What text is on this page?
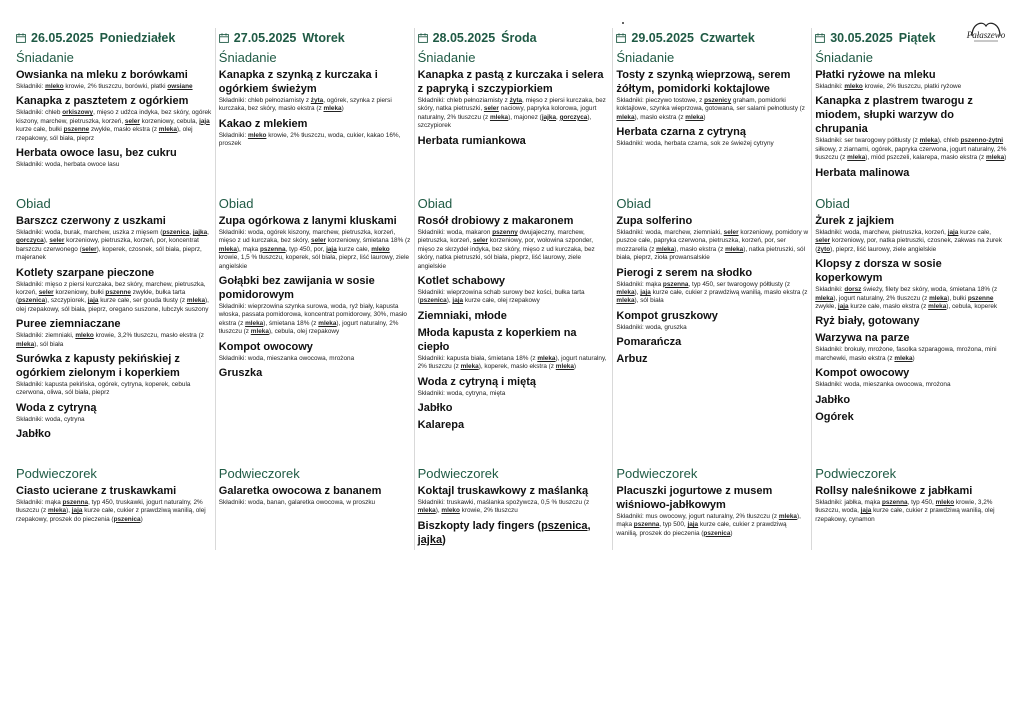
Pałaszewo
26.05.2025 Poniedziałek
Śniadanie
Owsianka na mleku z borówkami
Składniki: mleko krowie, 2% tłuszczu, borówki, płatki owsiane
Kanapka z pasztetem z ogórkiem
Składniki: chleb orkiszowy, mięso z udźca indyka, bez skóry, ogórek kiszony, marchew, pietruszka, korzeń, seler korzeniowy, cebula, jaja kurze całe, bułki pszenne zwykłe, masło ekstra (z mleka), olej rzepakowy, sól biała, pieprz
Herbata owoce lasu, bez cukru
Składniki: woda, herbata owoce lasu
Obiad
Barszcz czerwony z uszkami
Składniki: woda, burak, marchew, uszka z mięsem (pszenica, jajka, gorczyca), seler korzeniowy, pietruszka, korzeń, por, koncentrat barszczu czerwonego (seler), koperek, czosnek, sól biała, pieprz, majeranek
Kotlety szarpane pieczone
Składniki: mięso z piersi kurczaka, bez skóry, marchew, pietruszka, korzeń, seler korzeniowy, bułki pszenne zwykłe, bułka tarta (pszenica), szczypiorek, jaja kurze całe, ser gouda tłusty (z mleka), olej rzepakowy, sól biała, pieprz, oregano suszone, lubczyk suszony
Puree ziemniaczane
Składniki: ziemniaki, mleko krowie, 3,2% tłuszczu, masło ekstra (z mleka), sól biała
Surówka z kapusty pekińskiej z ogórkiem zielonym i koperkiem
Składniki: kapusta pekińska, ogórek, cytryna, koperek, cebula czerwona, oliwa, sól biała, pieprz
Woda z cytryną
Składniki: woda, cytryna
Jabłko
Podwieczorek
Ciasto ucierane z truskawkami
Składniki: mąka pszenna, typ 450, truskawki, jogurt naturalny, 2% tłuszczu (z mleka), jaja kurze całe, cukier z prawdziwą wanilią, olej rzepakowy, proszek do pieczenia (pszenica)
27.05.2025 Wtorek
Śniadanie
Kanapka z szynką z kurczaka i ogórkiem świeżym
Składniki: chleb pełnoziarnisty z żyta, ogórek, szynka z piersi kurczaka, bez skóry, masło ekstra (z mleka)
Kakao z mlekiem
Składniki: mleko krowie, 2% tłuszczu, woda, cukier, kakao 16%, proszek
Obiad
Zupa ogórkowa z lanymi kluskami
Składniki: woda, ogórek kiszony, marchew, pietruszka, korzeń, mięso z ud kurczaka, bez skóry, seler korzeniowy, śmietana 18% (z mleka), mąka pszenna, typ 450, por, jaja kurze całe, mleko krowie, 1,5 % tłuszczu, koperek, sól biała, pieprz, liść laurowy, ziele angielskie
Gołąbki bez zawijania w sosie pomidorowym
Składniki: wieprzowina szynka surowa, woda, ryż biały, kapusta włoska, passata pomidorowa, koncentrat pomidorowy, 30%, masło ekstra (z mleka), śmietana 18% (z mleka), jogurt naturalny, 2% tłuszczu (z mleka), cebula, olej rzepakowy
Kompot owocowy
Składniki: woda, mieszanka owocowa, mrożona
Gruszka
Podwieczorek
Galaretka owocowa z bananem
Składniki: woda, banan, galaretka owocowa, w proszku
28.05.2025 Środa
Śniadanie
Kanapka z pastą z kurczaka i selera z papryką i szczypiorkiem
Składniki: chleb pełnoziarnisty z żyta, mięso z piersi kurczaka, bez skóry, natka pietruszki, seler naciowy, papryka kolorowa, jogurt naturalny, 2% tłuszczu (z mleka), majonez (jajka, gorczyca), szczypiorek
Herbata rumiankowa
Obiad
Rosół drobiowy z makaronem
Składniki: woda, makaron pszenny dwujajeczny, marchew, pietruszka, korzeń, seler korzeniowy, por, wołowina szponder, mięso ze skrzydeł indyka, bez skóry, mięso z ud kurczaka, bez skóry, natka pietruszki, sól biała, pieprz, liść laurowy, ziele angielskie
Kotlet schabowy
Składniki: wieprzowina schab surowy bez kości, bułka tarta (pszenica), jaja kurze całe, olej rzepakowy
Ziemniaki, młode
Młoda kapusta z koperkiem na ciepło
Składniki: kapusta biała, śmietana 18% (z mleka), jogurt naturalny, 2% tłuszczu (z mleka), koperek, masło ekstra (z mleka)
Woda z cytryną i miętą
Składniki: woda, cytryna, mięta
Jabłko
Kalarepa
Podwieczorek
Koktajl truskawkowy z maślanką
Składniki: truskawki, maślanka spożywcza, 0,5 % tłuszczu (z mleka), mleko krowie, 2% tłuszczu
Biszkopty lady fingers (pszenica, jajka)
29.05.2025 Czwartek
Śniadanie
Tosty z szynką wieprzową, serem żółtym, pomidorki koktajlowe
Składniki: pieczywo tostowe, z pszenicy graham, pomidorki koktajlowe, szynka wieprzowa, gotowana, ser salami pełnotłusty (z mleka), masło ekstra (z mleka)
Herbata czarna z cytryną
Składniki: woda, herbata czarna, sok ze świeżej cytryny
Obiad
Zupa solferino
Składniki: woda, marchew, ziemniaki, seler korzeniowy, pomidory w puszce całe, papryka czerwona, pietruszka, korzeń, por, ser mozzarella (z mleka), masło ekstra (z mleka), natka pietruszki, sól biała, pieprz, zioła prowansalskie
Pierogi z serem na słodko
Składniki: mąka pszenna, typ 450, ser twarogowy półtłusty (z mleka), jaja kurze całe, cukier z prawdziwą wanilią, masło ekstra (z mleka), sól biała
Kompot gruszkowy
Składniki: woda, gruszka
Pomarańcza
Arbuz
Podwieczorek
Placuszki jogurtowe z musem wiśniowo-jabłkowym
Składniki: mus owocowy, jogurt naturalny, 2% tłuszczu (z mleka), mąka pszenna, typ 500, jaja kurze całe, cukier z prawdziwą wanilią, proszek do pieczenia (pszenica)
30.05.2025 Piątek
Śniadanie
Płatki ryżowe na mleku
Składniki: mleko krowie, 2% tłuszczu, płatki ryżowe
Kanapka z plastrem twarogu z miodem, słupki warzyw do chrupania
Składniki: ser twarogowy półtłusty (z mleka), chleb pszenno-żytni siłkowy, z ziarnami, ogórek, papryka czerwona, jogurt naturalny, 2% tłuszczu (z mleka), miód pszczeli, kalarepa, masło ekstra (z mleka)
Herbata malinowa
Obiad
Żurek z jajkiem
Składniki: woda, marchew, pietruszka, korzeń, jaja kurze całe, seler korzeniowy, por, natka pietruszki, czosnek, zakwas na żurek (żyto), pieprz, liść laurowy, ziele angielskie
Klopsy z dorsza w sosie koperkowym
Składniki: dorsz świeży, filety bez skóry, woda, śmietana 18% (z mleka), jogurt naturalny, 2% tłuszczu (z mleka), bułki pszenne zwykłe, jaja kurze całe, masło ekstra (z mleka), cebula, koperek
Ryż biały, gotowany
Warzywa na parze
Składniki: brokuły, mrożone, fasolka szparagowa, mrożona, mini marchewki, masło ekstra (z mleka)
Kompot owocowy
Składniki: woda, mieszanka owocowa, mrożona
Jabłko
Ogórek
Podwieczorek
Rollsy naleśnikowe z jabłkami
Składniki: jabłka, mąka pszenna, typ 450, mleko krowie, 3,2% tłuszczu, woda, jaja kurze całe, cukier z prawdziwą wanilią, olej rzepakowy, cynamon
